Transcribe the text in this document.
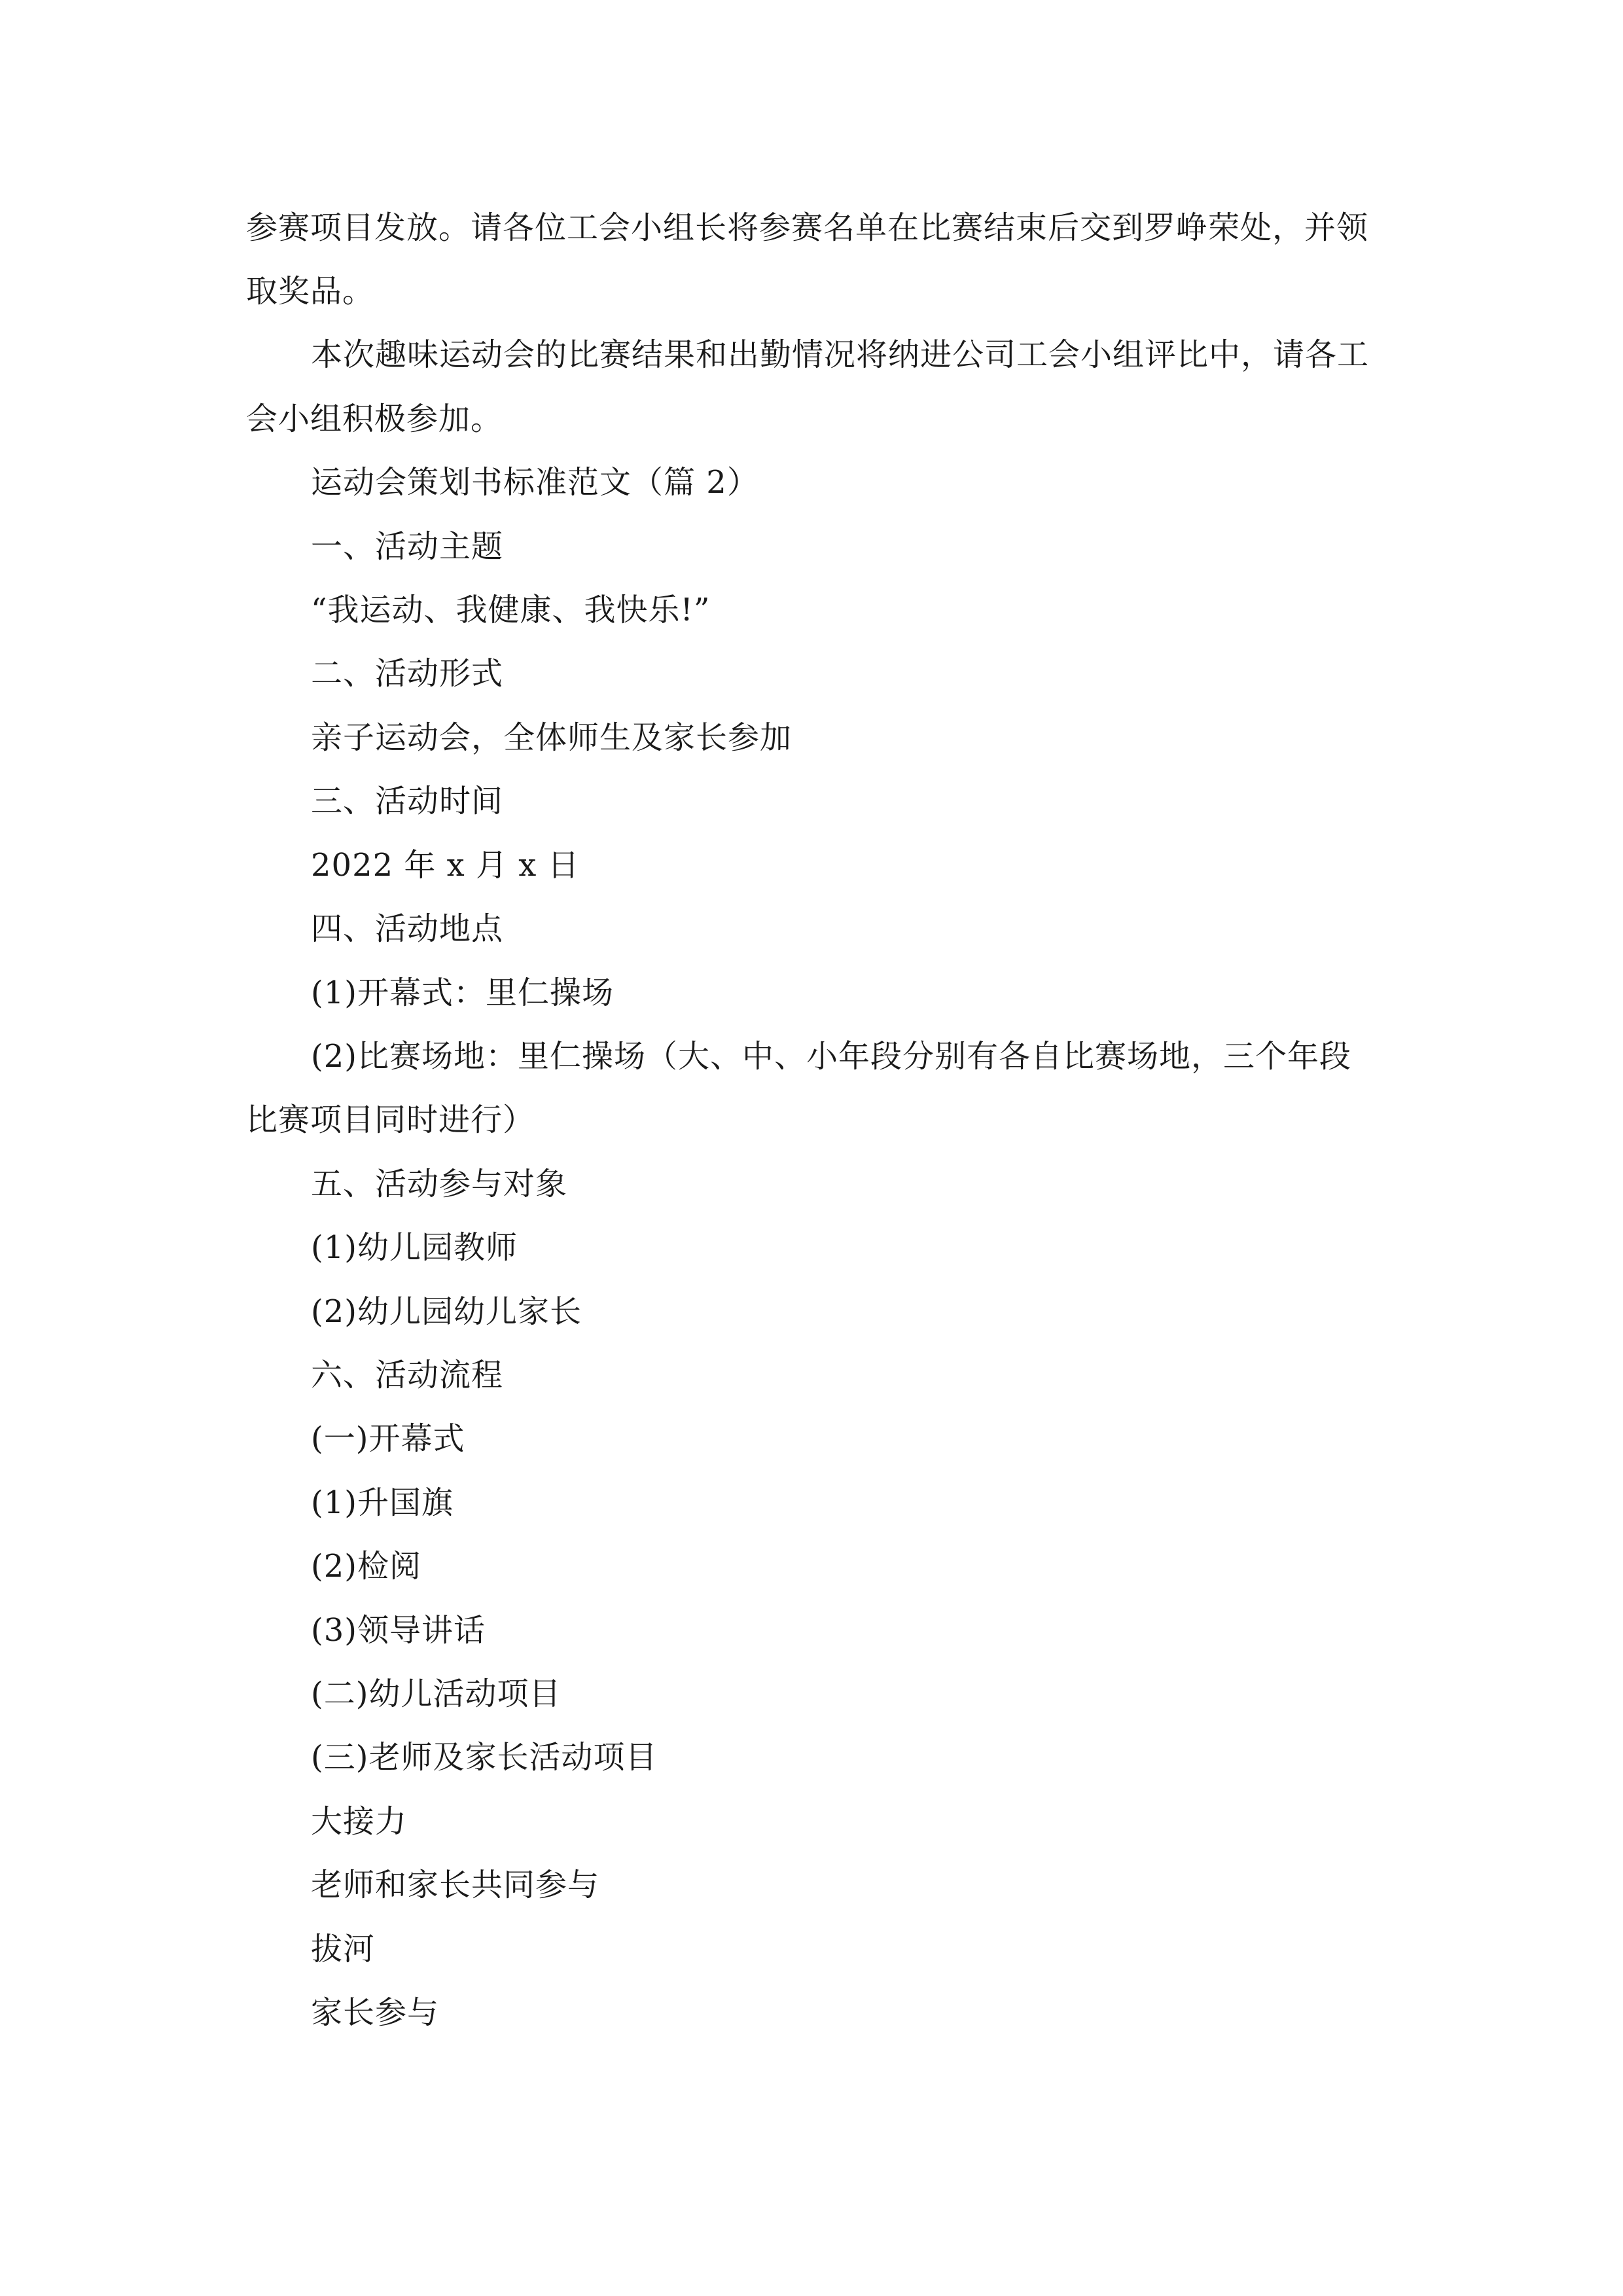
参赛项目发放。请各位工会小组长将参赛名单在比赛结束后交到罗峥荣处，并领
取奖品。
本次趣味运动会的比赛结果和出勤情况将纳进公司工会小组评比中，请各工
会小组积极参加。
运动会策划书标准范文（篇 2）
一、活动主题
“我运动、我健康、我快乐!”
二、活动形式
亲子运动会，全体师生及家长参加
三、活动时间
2022 年 x 月 x 日
四、活动地点
(1)开幕式：里仁操场
(2)比赛场地：里仁操场（大、中、小年段分别有各自比赛场地，三个年段
比赛项目同时进行）
五、活动参与对象
(1)幼儿园教师
(2)幼儿园幼儿家长
六、活动流程
(一)开幕式
(1)升国旗
(2)检阅
(3)领导讲话
(二)幼儿活动项目
(三)老师及家长活动项目
大接力
老师和家长共同参与
拔河
家长参与
